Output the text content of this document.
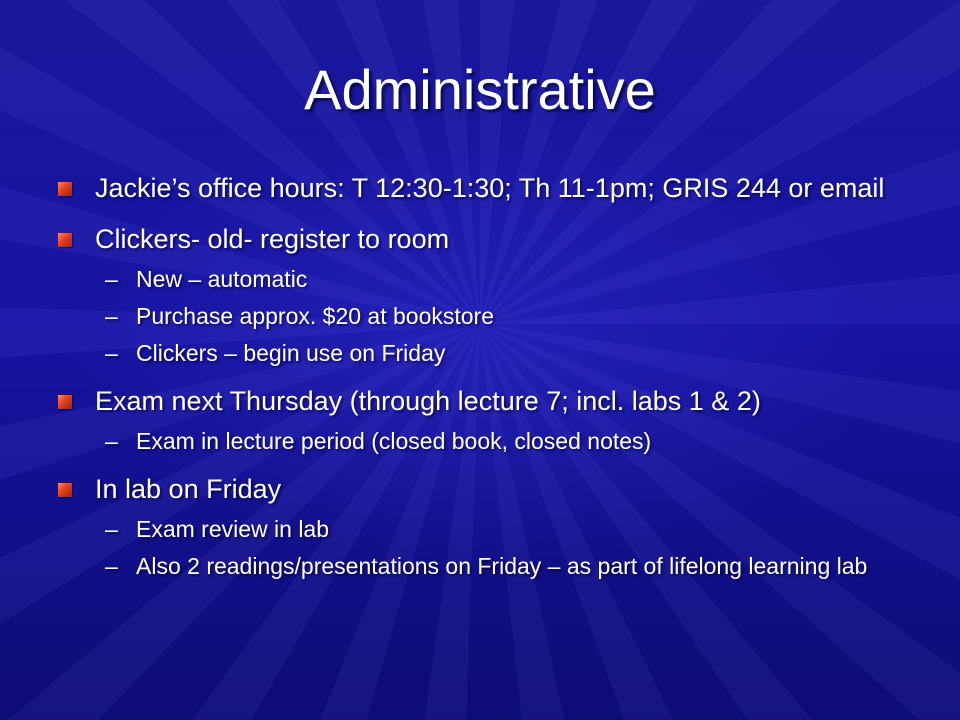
Administrative
Jackie’s office hours: T 12:30-1:30; Th 11-1pm; GRIS 244 or email
Clickers- old- register to room
– New – automatic
– Purchase approx. $20 at bookstore
– Clickers – begin use on Friday
Exam next Thursday (through lecture 7; incl. labs 1 & 2)
– Exam in lecture period (closed book, closed notes)
In lab on Friday
– Exam review in lab
– Also 2 readings/presentations on Friday – as part of lifelong learning lab
